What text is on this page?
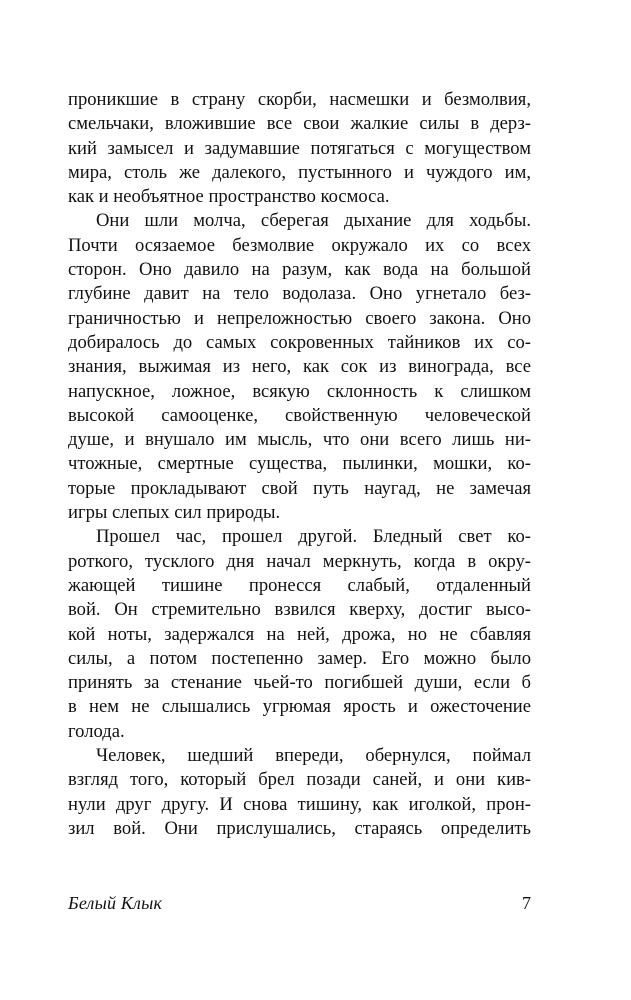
проникшие в страну скорби, насмешки и безмолвия,
смельчаки, вложившие все свои жалкие силы в дерз-
кий замысел и задумавшие потягаться с могуществом
мира, столь же далекого, пустынного и чуждого им,
как и необъятное пространство космоса.
Они шли молча, сберегая дыхание для ходьбы.
Почти осязаемое безмолвие окружало их со всех
сторон. Оно давило на разум, как вода на большой
глубине давит на тело водолаза. Оно угнетало без-
граничностью и непреложностью своего закона. Оно
добиралось до самых сокровенных тайников их со-
знания, выжимая из него, как сок из винограда, все
напускное, ложное, всякую склонность к слишком
высокой самооценке, свойственную человеческой
душе, и внушало им мысль, что они всего лишь ни-
чтожные, смертные существа, пылинки, мошки, ко-
торые прокладывают свой путь наугад, не замечая
игры слепых сил природы.
Прошел час, прошел другой. Бледный свет ко-
роткого, тусклого дня начал меркнуть, когда в окру-
жающей тишине пронесся слабый, отдаленный
вой. Он стремительно взвился кверху, достиг высо-
кой ноты, задержался на ней, дрожа, но не сбавляя
силы, а потом постепенно замер. Его можно было
принять за стенание чьей-то погибшей души, если б
в нем не слышались угрюмая ярость и ожесточение
голода.
Человек, шедший впереди, обернулся, поймал
взгляд того, который брел позади саней, и они кив-
нули друг другу. И снова тишину, как иголкой, прон-
зил вой. Они прислушались, стараясь определить
Белый Клык	7
